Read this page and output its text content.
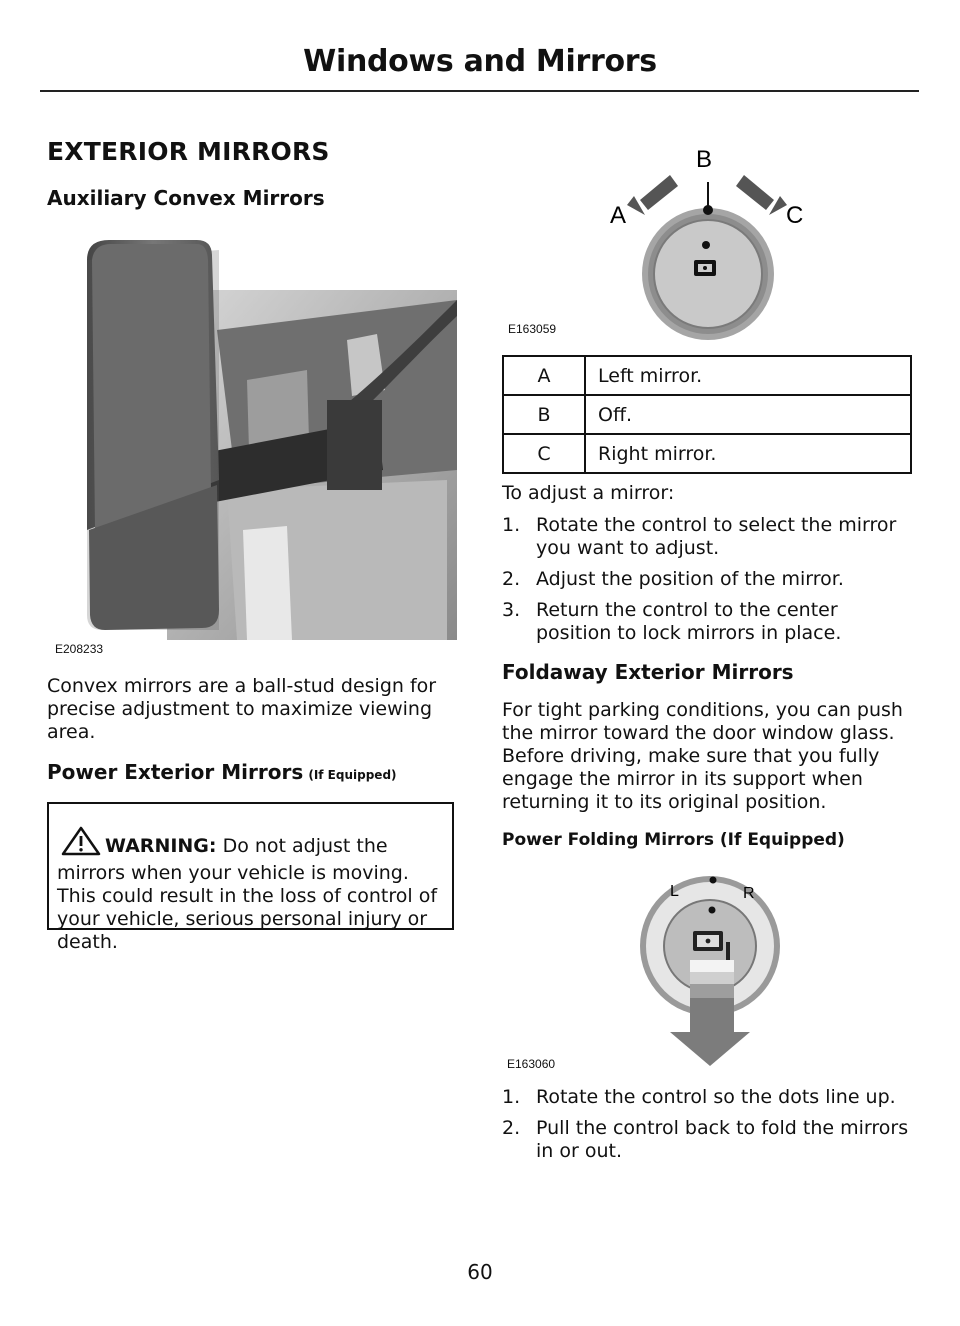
Windows and Mirrors
EXTERIOR MIRRORS
Auxiliary Convex Mirrors
E208233
Convex mirrors are a ball-stud design for precise adjustment to maximize viewing area.
Power Exterior Mirrors (If Equipped)
WARNING: Do not adjust the mirrors when your vehicle is moving. This could result in the loss of control of your vehicle, serious personal injury or death.
B
A	C
E163059
A	Left mirror.
B	Off.
C	Right mirror.
To adjust a mirror:
1. Rotate the control to select the mirror you want to adjust.
2. Adjust the position of the mirror.
3. Return the control to the center position to lock mirrors in place.
Foldaway Exterior Mirrors
For tight parking conditions, you can push the mirror toward the door window glass. Before driving, make sure that you fully engage the mirror in its support when returning it to its original position.
Power Folding Mirrors (If Equipped)
L	R
E163060
1. Rotate the control so the dots line up.
2. Pull the control back to fold the mirrors in or out.
60
